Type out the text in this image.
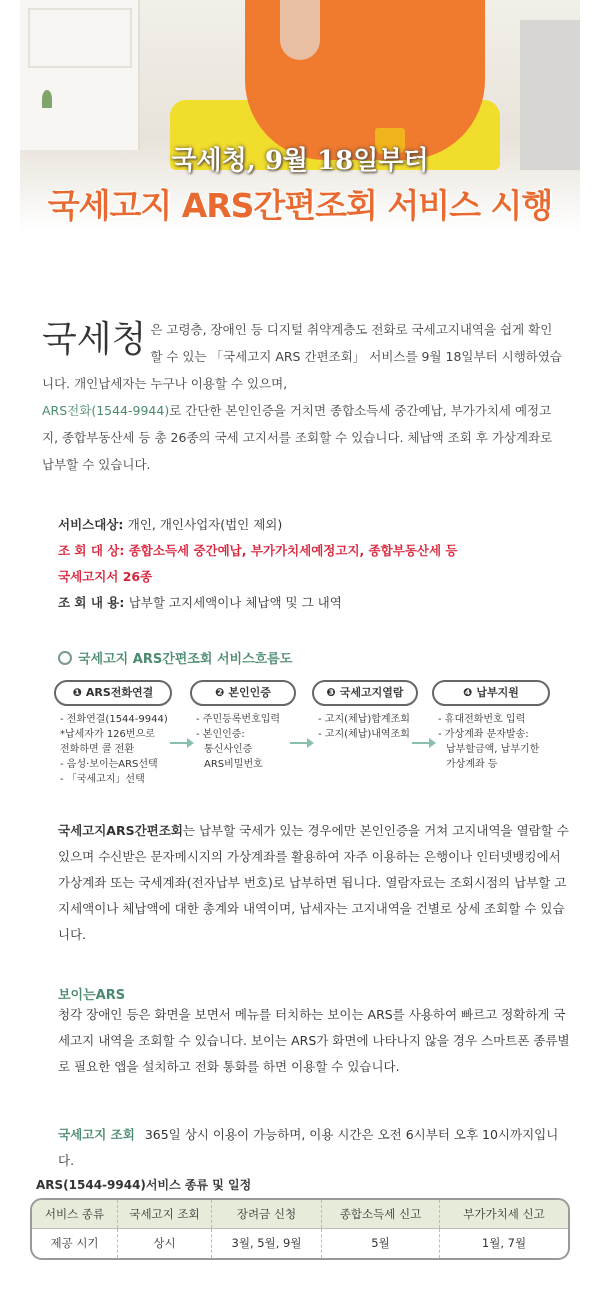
국세청, 9월 18일부터
국세고지 ARS간편조회 서비스 시행
국세청 은 고령층, 장애인 등 디지털 취약계층도 전화로 국세고지내역을 쉽게 확인할 수 있는 「국세고지 ARS 간편조회」 서비스를 9월 18일부터 시행하였습니다. 개인납세자는 누구나 이용할 수 있으며,
ARS전화(1544-9944)로 간단한 본인인증을 거치면 종합소득세 중간예납, 부가가치세 예정고지, 종합부동산세 등 총 26종의 국세 고지서를 조회할 수 있습니다. 체납액 조회 후 가상계좌로 납부할 수 있습니다.
서비스대상: 개인, 개인사업자(법인 제외)
조 회 대 상: 종합소득세 중간예납, 부가가치세예정고지, 종합부동산세 등
국세고지서 26종
조 회 내 용: 납부할 고지세액이나 체납액 및 그 내역
국세고지 ARS간편조회 서비스흐름도
❶ ARS전화연결
- 전화연결(1544-9944)
*납세자가 126번으로
전화하면 콜 전환
- 음성·보이는ARS선택
- 「국세고지」선택
❷ 본인인증
- 주민등록번호입력
- 본인인증:
통신사인증
ARS비밀번호
❸ 국세고지열람
- 고지(체납)합계조회
- 고지(체납)내역조회
❹ 납부지원
- 휴대전화번호 입력
- 가상계좌 문자발송:
납부할금액, 납부기한
가상계좌 등
국세고지ARS간편조회는 납부할 국세가 있는 경우에만 본인인증을 거쳐 고지내역을 열람할 수 있으며 수신받은 문자메시지의 가상계좌를 활용하여 자주 이용하는 은행이나 인터넷뱅킹에서 가상계좌 또는 국세계좌(전자납부 번호)로 납부하면 됩니다. 열람자료는 조회시점의 납부할 고지세액이나 체납액에 대한 총계와 내역이며, 납세자는 고지내역을 건별로 상세 조회할 수 있습니다.
보이는ARS
청각 장애인 등은 화면을 보면서 메뉴를 터치하는 보이는 ARS를 사용하여 빠르고 정확하게 국세고지 내역을 조회할 수 있습니다. 보이는 ARS가 화면에 나타나지 않을 경우 스마트폰 종류별로 필요한 앱을 설치하고 전화 통화를 하면 이용할 수 있습니다.
국세고지 조회 365일 상시 이용이 가능하며, 이용 시간은 오전 6시부터 오후 10시까지입니다.
ARS(1544-9944)서비스 종류 및 일정
서비스 종류	국세고지 조회	장려금 신청	종합소득세 신고	부가가치세 신고
제공 시기	상시	3월, 5월, 9월	5월	1월, 7월
